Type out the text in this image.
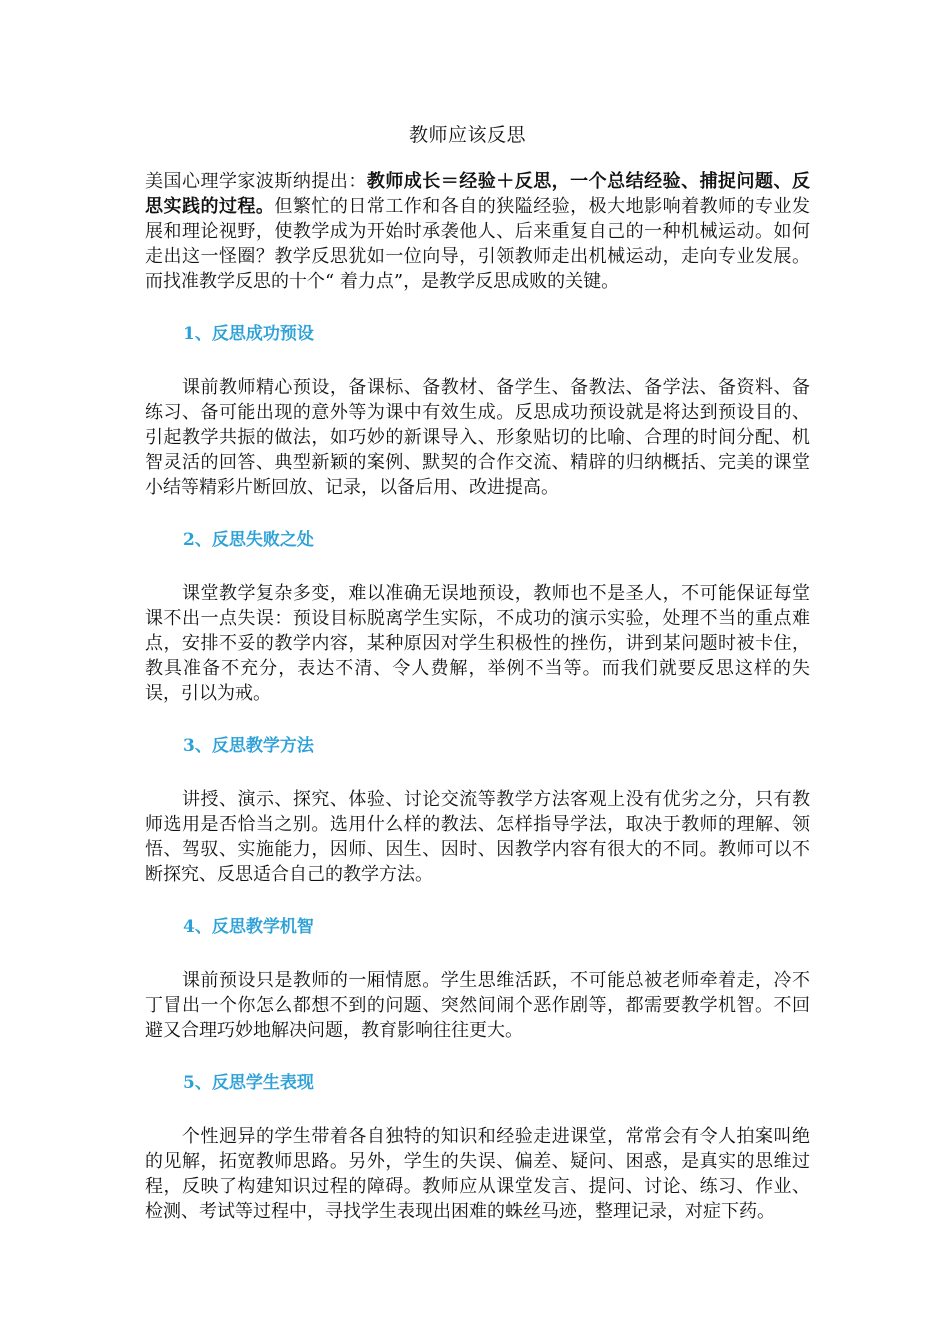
教师应该反思

美国心理学家波斯纳提出：教师成长＝经验＋反思，一个总结经验、捕捉问题、反思实践的过程。但繁忙的日常工作和各自的狭隘经验，极大地影响着教师的专业发展和理论视野，使教学成为开始时承袭他人、后来重复自己的一种机械运动。如何走出这一怪圈？教学反思犹如一位向导，引领教师走出机械运动，走向专业发展。而找准教学反思的十个“ 着力点”，是教学反思成败的关键。

1、反思成功预设

课前教师精心预设，备课标、备教材、备学生、备教法、备学法、备资料、备练习、备可能出现的意外等为课中有效生成。反思成功预设就是将达到预设目的、引起教学共振的做法，如巧妙的新课导入、形象贴切的比喻、合理的时间分配、机智灵活的回答、典型新颖的案例、默契的合作交流、精辟的归纳概括、完美的课堂小结等精彩片断回放、记录，以备后用、改进提高。

2、反思失败之处

课堂教学复杂多变，难以准确无误地预设，教师也不是圣人，不可能保证每堂课不出一点失误：预设目标脱离学生实际，不成功的演示实验，处理不当的重点难点，安排不妥的教学内容，某种原因对学生积极性的挫伤，讲到某问题时被卡住，教具准备不充分，表达不清、令人费解，举例不当等。而我们就要反思这样的失误，引以为戒。

3、反思教学方法

讲授、演示、探究、体验、讨论交流等教学方法客观上没有优劣之分，只有教师选用是否恰当之别。选用什么样的教法、怎样指导学法，取决于教师的理解、领悟、驾驭、实施能力，因师、因生、因时、因教学内容有很大的不同。教师可以不断探究、反思适合自己的教学方法。

4、反思教学机智

课前预设只是教师的一厢情愿。学生思维活跃，不可能总被老师牵着走，冷不丁冒出一个你怎么都想不到的问题、突然间闹个恶作剧等，都需要教学机智。不回避又合理巧妙地解决问题，教育影响往往更大。

5、反思学生表现

个性迥异的学生带着各自独特的知识和经验走进课堂，常常会有令人拍案叫绝的见解，拓宽教师思路。另外，学生的失误、偏差、疑问、困惑，是真实的思维过程，反映了构建知识过程的障碍。教师应从课堂发言、提问、讨论、练习、作业、检测、考试等过程中，寻找学生表现出困难的蛛丝马迹，整理记录，对症下药。
